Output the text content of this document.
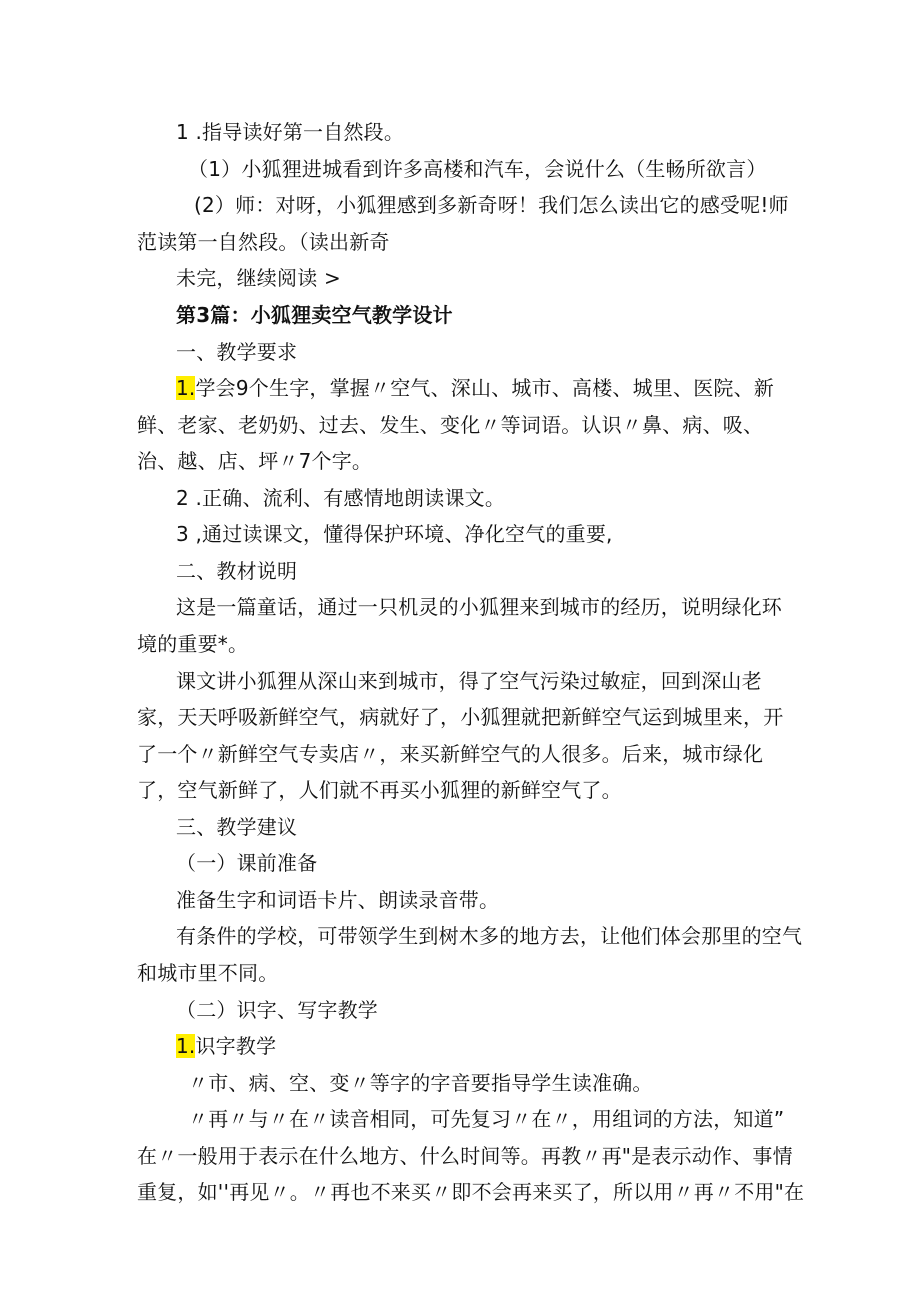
1 .指导读好第一自然段。
（1）小狐狸进城看到许多高楼和汽车，会说什么（生畅所欲言）
(2）师：对呀，小狐狸感到多新奇呀！我们怎么读出它的感受呢!师
范读第一自然段。（读出新奇
未完，继续阅读 >
第3篇：小狐狸卖空气教学设计
一、教学要求
1.学会9个生字，掌握〃空气、深山、城市、高楼、城里、医院、新
鲜、老家、老奶奶、过去、发生、变化〃等词语。认识〃鼻、病、吸、
治、越、店、坪〃7个字。
2 .正确、流利、有感情地朗读课文。
3 ,通过读课文，懂得保护环境、净化空气的重要,
二、教材说明
这是一篇童话，通过一只机灵的小狐狸来到城市的经历，说明绿化环
境的重要*。
课文讲小狐狸从深山来到城市，得了空气污染过敏症，回到深山老
家，天天呼吸新鲜空气，病就好了，小狐狸就把新鲜空气运到城里来，开
了一个〃新鲜空气专卖店〃，来买新鲜空气的人很多。后来，城市绿化
了，空气新鲜了，人们就不再买小狐狸的新鲜空气了。
三、教学建议
（一）课前准备
准备生字和词语卡片、朗读录音带。
有条件的学校，可带领学生到树木多的地方去，让他们体会那里的空气
和城市里不同。
（二）识字、写字教学
1.识字教学
〃市、病、空、变〃等字的字音要指导学生读准确。
〃再〃与〃在〃读音相同，可先复习〃在〃，用组词的方法，知道”
在〃一般用于表示在什么地方、什么时间等。再教〃再"是表示动作、事情
重复，如''再见〃。〃再也不来买〃即不会再来买了，所以用〃再〃不用"在
